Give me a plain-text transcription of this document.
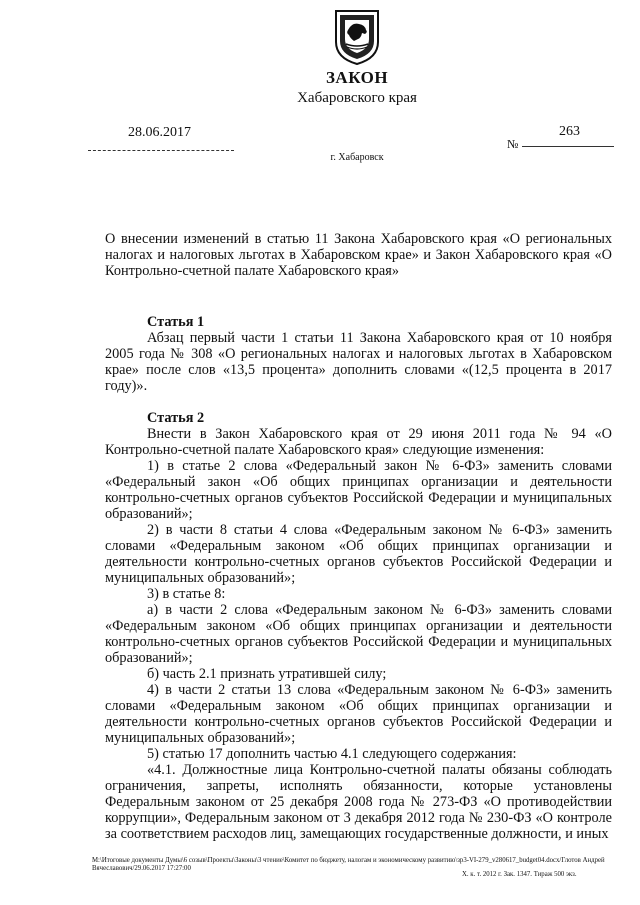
ЗАКОН
Хабаровского края
28.06.2017
№
263
г. Хабаровск

О внесении изменений в статью 11 Закона Хабаровского края «О региональных налогах и налоговых льготах в Хабаровском крае» и Закон Хабаровского края «О Контрольно-счетной палате Хабаровского края»

Статья 1

Абзац первый части 1 статьи 11 Закона Хабаровского края от 10 ноября 2005 года № 308 «О региональных налогах и налоговых льготах в Хабаровском крае» после слов «13,5 процента» дополнить словами «(12,5 процента в 2017 году)».

Статья 2

Внести в Закон Хабаровского края от 29 июня 2011 года № 94 «О Контрольно-счетной палате Хабаровского края» следующие изменения:

1) в статье 2 слова «Федеральный закон № 6-ФЗ» заменить словами «Федеральный закон «Об общих принципах организации и деятельности контрольно-счетных органов субъектов Российской Федерации и муниципальных образований»;

2) в части 8 статьи 4 слова «Федеральным законом № 6-ФЗ» заменить словами «Федеральным законом «Об общих принципах организации и деятельности контрольно-счетных органов субъектов Российской Федерации и муниципальных образований»;

3) в статье 8:

а) в части 2 слова «Федеральным законом № 6-ФЗ» заменить словами «Федеральным законом «Об общих принципах организации и деятельности контрольно-счетных органов субъектов Российской Федерации и муниципальных образований»;

б) часть 2.1 признать утратившей силу;

4) в части 2 статьи 13 слова «Федеральным законом № 6-ФЗ» заменить словами «Федеральным законом «Об общих принципах организации и деятельности контрольно-счетных органов субъектов Российской Федерации и муниципальных образований»;

5) статью 17 дополнить частью 4.1 следующего содержания:

«4.1. Должностные лица Контрольно-счетной палаты обязаны соблюдать ограничения, запреты, исполнять обязанности, которые установлены Федеральным законом от 25 декабря 2008 года № 273-ФЗ «О противодействии коррупции», Федеральным законом от 3 декабря 2012 года № 230-ФЗ «О контроле за соответствием расходов лиц, замещающих государственные должности, и иных

M:\Итоговые документы Думы\6 созыв\Проекты\Законы\3 чтение\Комитет по бюджету, налогам и экономическому развитию\зр3-VI-279_v280617_budget04.docx/Глотов Андрей Вячеславович/29.06.2017 17:27:00
Х. к. т. 2012 г. Зак. 1347. Тираж 500 экз.
